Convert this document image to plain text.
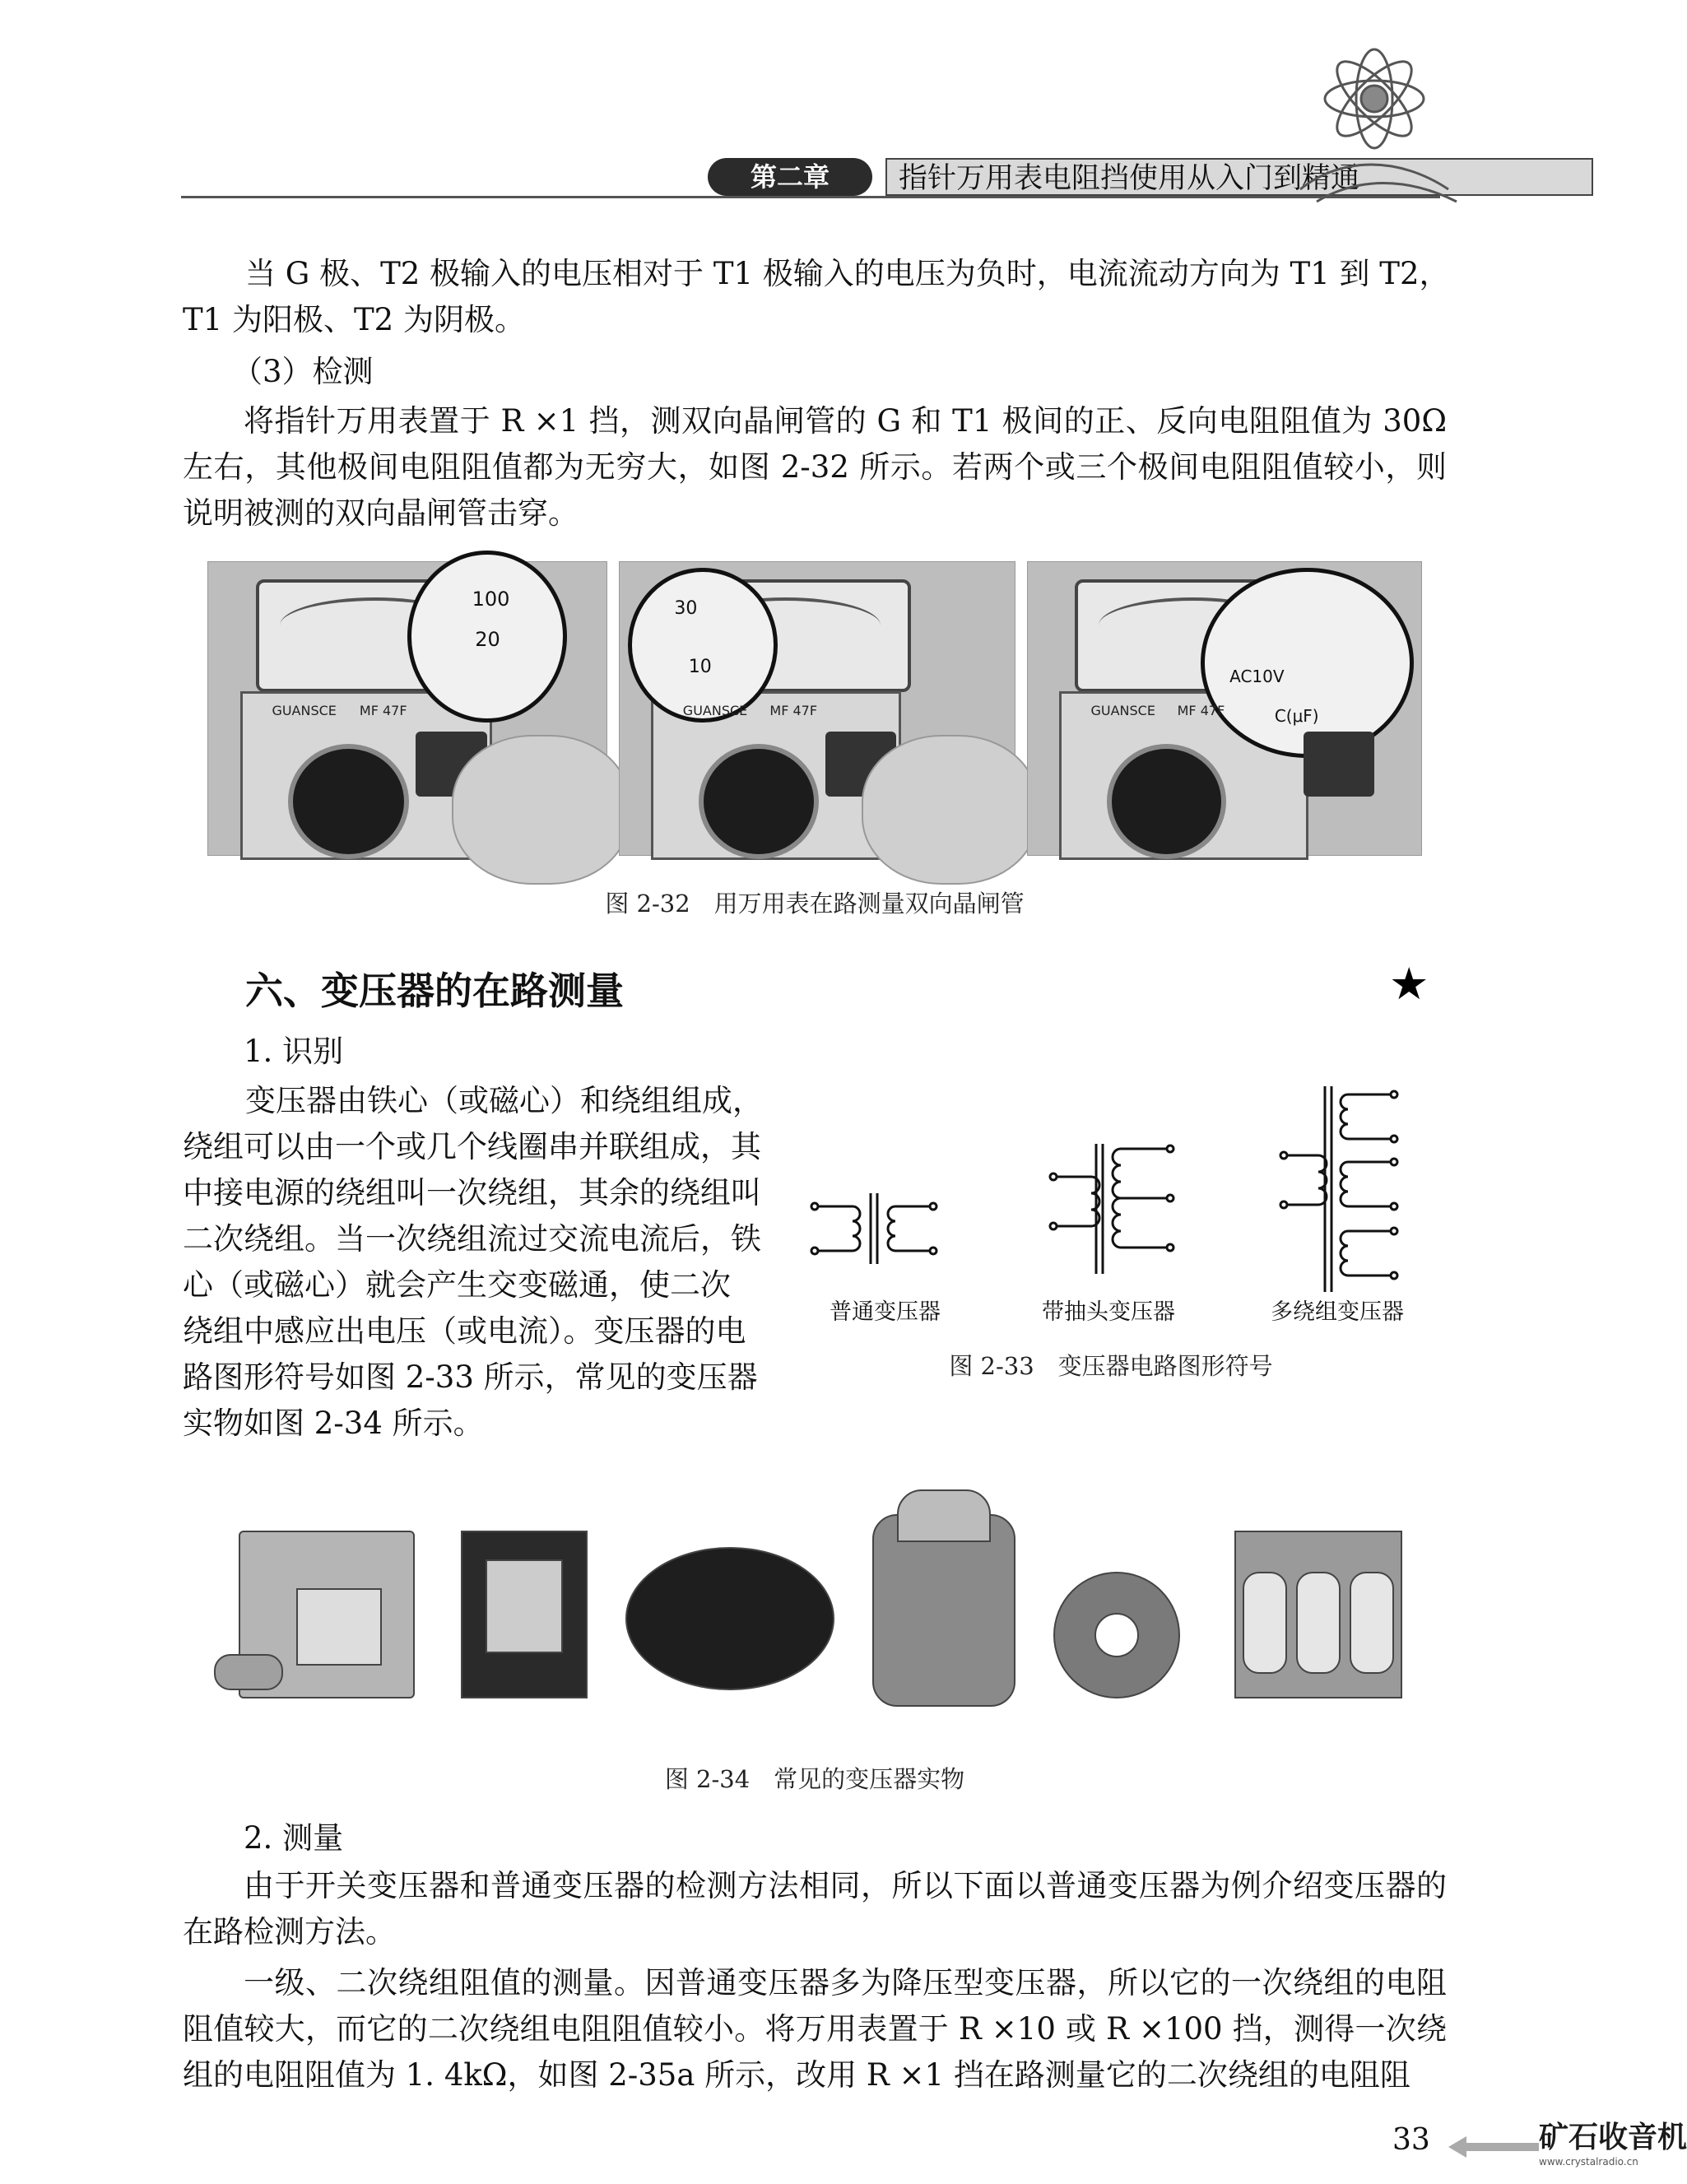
第二章	指针万用表电阻挡使用从入门到精通
当 G 极、T2 极输入的电压相对于 T1 极输入的电压为负时，电流流动方向为 T1 到 T2，
T1 为阳极、T2 为阴极。
（3）检测
将指针万用表置于 R ×1 挡，测双向晶闸管的 G 和 T1 极间的正、反向电阻阻值为 30Ω 左右，其他极间电阻阻值都为无穷大，如图 2-32 所示。若两个或三个极间电阻阻值较小，则说明被测的双向晶闸管击穿。
100
20
GUANSCE MF 47F
30
10
GUANSCE MF 47F
AC10V
C(μF)
GUANSCE MF 47F
图 2-32　用万用表在路测量双向晶闸管
六、变压器的在路测量	★
1. 识别
变压器由铁心（或磁心）和绕组组成，
绕组可以由一个或几个线圈串并联组成，其
中接电源的绕组叫一次绕组，其余的绕组叫
二次绕组。当一次绕组流过交流电流后，铁
心（或磁心）就会产生交变磁通，使二次
绕组中感应出电压（或电流）。变压器的电
路图形符号如图 2-33 所示，常见的变压器
实物如图 2-34 所示。
普通变压器	带抽头变压器	多绕组变压器
图 2-33　变压器电路图形符号
图 2-34　常见的变压器实物
2. 测量
由于开关变压器和普通变压器的检测方法相同，所以下面以普通变压器为例介绍变压器的在路检测方法。
一级、二次绕组阻值的测量。因普通变压器多为降压型变压器，所以它的一次绕组的电阻阻值较大，而它的二次绕组电阻阻值较小。将万用表置于 R ×10 或 R ×100 挡，测得一次绕组的电阻阻值为 1. 4kΩ，如图 2-35a 所示，改用 R ×1 挡在路测量它的二次绕组的电阻阻
33	矿石收音机
www.crystalradio.cn
